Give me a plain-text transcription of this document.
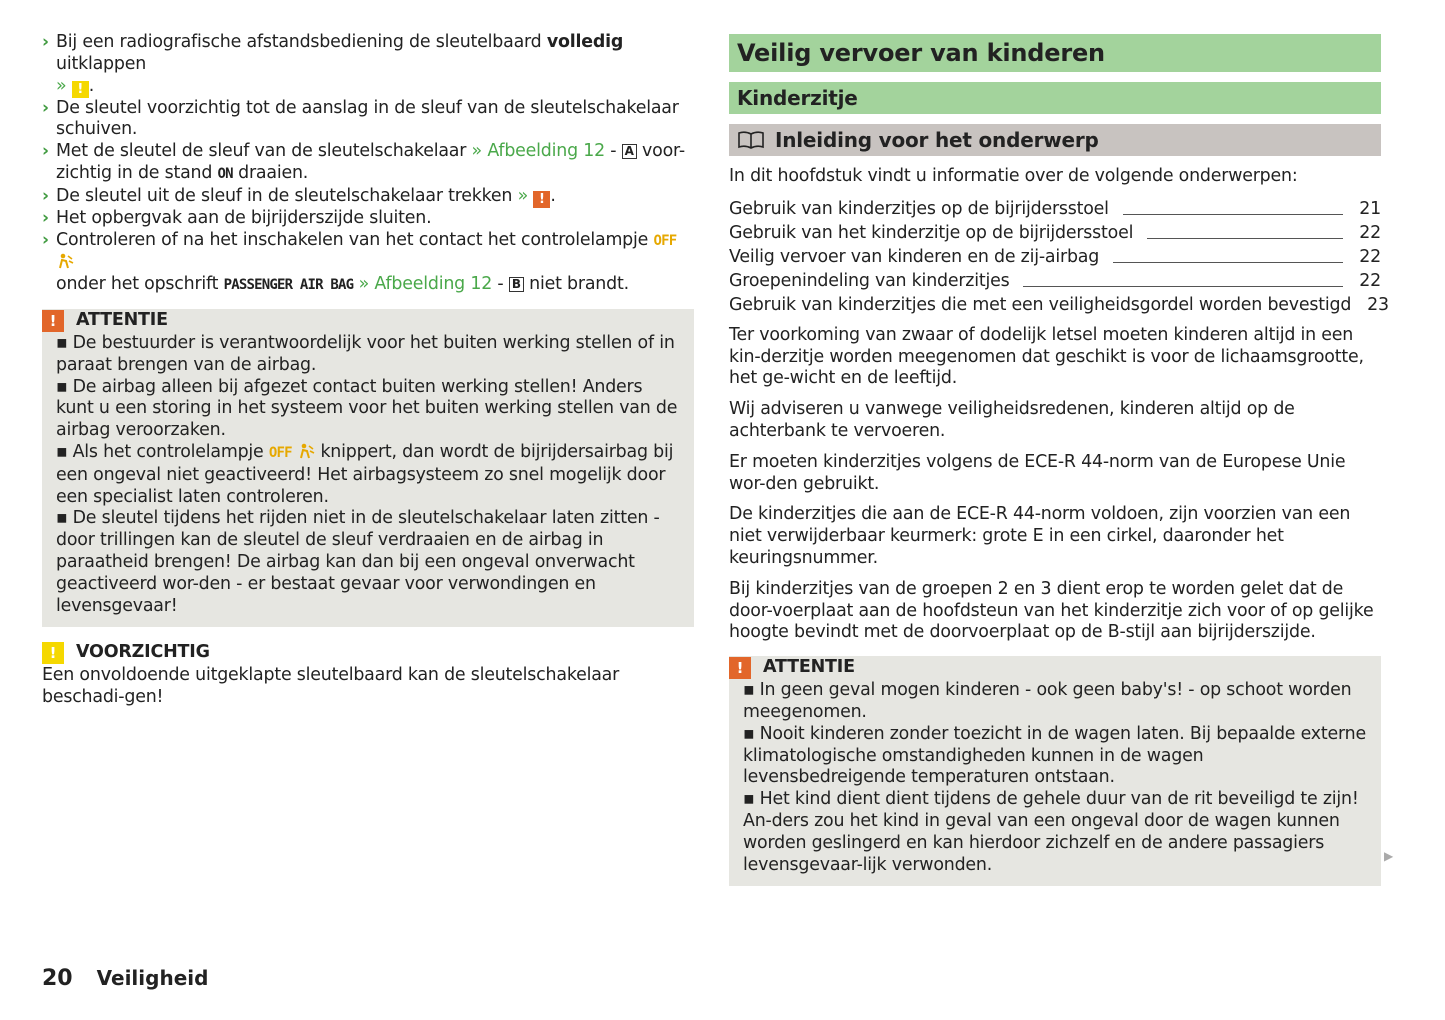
› Bij een radiografische afstandsbediening de sleutelbaard volledig uitklappen
» ! .
› De sleutel voorzichtig tot de aanslag in de sleuf van de sleutelschakelaar schuiven.
› Met de sleutel de sleuf van de sleutelschakelaar » Afbeelding 12 - A voor-zichtig in de stand ON draaien.
› De sleutel uit de sleuf in de sleutelschakelaar trekken » ! .
› Het opbergvak aan de bijrijderszijde sluiten.
› Controleren of na het inschakelen van het contact het controlelampje OFF
onder het opschrift PASSENGER AIR BAG » Afbeelding 12 - B niet brandt.
!	ATTENTIE
▪ De bestuurder is verantwoordelijk voor het buiten werking stellen of in paraat brengen van de airbag.
▪ De airbag alleen bij afgezet contact buiten werking stellen! Anders kunt u een storing in het systeem voor het buiten werking stellen van de airbag veroorzaken.
▪ Als het controlelampje OFF knippert, dan wordt de bijrijdersairbag bij een ongeval niet geactiveerd! Het airbagsysteem zo snel mogelijk door een specialist laten controleren.
▪ De sleutel tijdens het rijden niet in de sleutelschakelaar laten zitten - door trillingen kan de sleutel de sleuf verdraaien en de airbag in paraatheid brengen! De airbag kan dan bij een ongeval onverwacht geactiveerd wor-den - er bestaat gevaar voor verwondingen en levensgevaar!
!	VOORZICHTIG
Een onvoldoende uitgeklapte sleutelbaard kan de sleutelschakelaar beschadi-gen!
Veilig vervoer van kinderen
Kinderzitje
Inleiding voor het onderwerp

In dit hoofdstuk vindt u informatie over de volgende onderwerpen:

Gebruik van kinderzitjes op de bijrijdersstoel	21
Gebruik van het kinderzitje op de bijrijdersstoel	22
Veilig vervoer van kinderen en de zij-airbag	22
Groepenindeling van kinderzitjes	22
Gebruik van kinderzitjes die met een veiligheidsgordel worden bevestigd 23

Ter voorkoming van zwaar of dodelijk letsel moeten kinderen altijd in een kin-derzitje worden meegenomen dat geschikt is voor de lichaamsgrootte, het ge-wicht en de leeftijd.

Wij adviseren u vanwege veiligheidsredenen, kinderen altijd op de achterbank te vervoeren.

Er moeten kinderzitjes volgens de ECE-R 44-norm van de Europese Unie wor-den gebruikt.

De kinderzitjes die aan de ECE-R 44-norm voldoen, zijn voorzien van een niet verwijderbaar keurmerk: grote E in een cirkel, daaronder het keuringsnummer.

Bij kinderzitjes van de groepen 2 en 3 dient erop te worden gelet dat de door-voerplaat aan de hoofdsteun van het kinderzitje zich voor of op gelijke hoogte bevindt met de doorvoerplaat op de B-stijl aan bijrijderszijde.

!	ATTENTIE
▪ In geen geval mogen kinderen - ook geen baby's! - op schoot worden meegenomen.
▪ Nooit kinderen zonder toezicht in de wagen laten. Bij bepaalde externe klimatologische omstandigheden kunnen in de wagen levensbedreigende temperaturen ontstaan.
▪ Het kind dient dient tijdens de gehele duur van de rit beveiligd te zijn! An-ders zou het kind in geval van een ongeval door de wagen kunnen worden geslingerd en kan hierdoor zichzelf en de andere passagiers levensgevaar-lijk verwonden.	▶
20 Veiligheid
